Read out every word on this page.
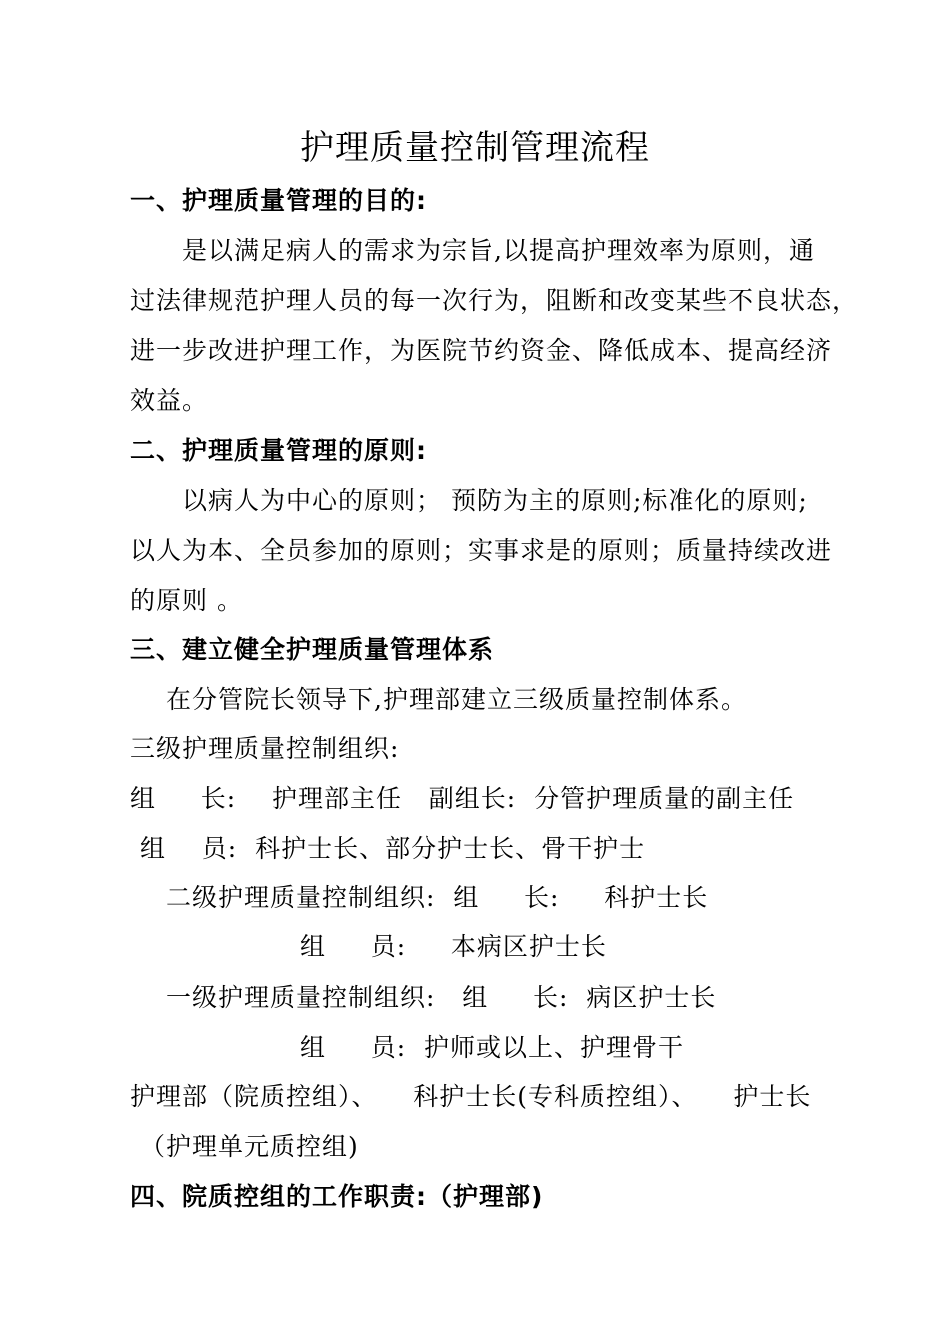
护理质量控制管理流程
一、护理质量管理的目的:
是以满足病人的需求为宗旨,以提高护理效率为原则，通
过法律规范护理人员的每一次行为，阻断和改变某些不良状态，
进一步改进护理工作，为医院节约资金、降低成本、提高经济
效益。
二、护理质量管理的原则:
以病人为中心的原则； 预防为主的原则;标准化的原则;
以人为本、全员参加的原则；实事求是的原则；质量持续改进
的原则 。
三、建立健全护理质量管理体系
在分管院长领导下,护理部建立三级质量控制体系。
三级护理质量控制组织:
组     长:    护理部主任   副组长:  分管护理质量的副主任
组    员:  科护士长、部分护士长、骨干护士
二级护理质量控制组织:  组     长:     科护士长
组     员:     本病区护士长
一级护理质量控制组织:   组     长:  病区护士长
组     员:  护师或以上、护理骨干
护理部（院质控组）、    科护士长(专科质控组）、    护士长
（护理单元质控组)
四、院质控组的工作职责:（护理部)
